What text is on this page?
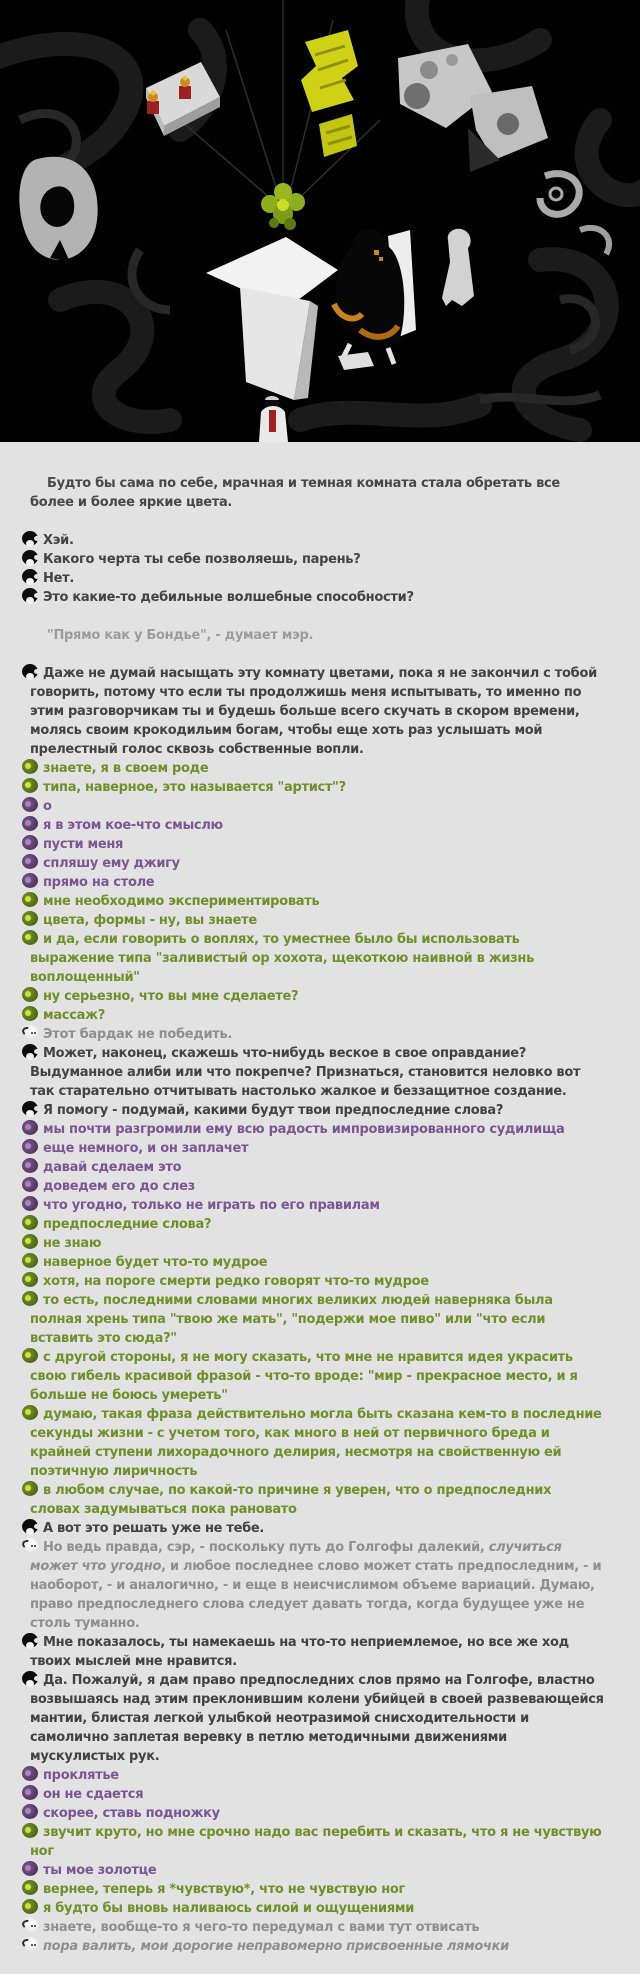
Будто бы сама по себе, мрачная и темная комната стала обретать все более и более яркие цвета.

Хэй.

Какого черта ты себе позволяешь, парень?

Нет.

Это какие-то дебильные волшебные способности?

"Прямо как у Бондье", - думает мэр.

Даже не думай насыщать эту комнату цветами, пока я не закончил с тобой говорить, потому что если ты продолжишь меня испытывать, то именно по этим разговорчикам ты и будешь больше всего скучать в скором времени, молясь своим крокодильим богам, чтобы еще хоть раз услышать мой прелестный голос сквозь собственные вопли.

знаете, я в своем роде

типа, наверное, это называется "артист"?

о

я в этом кое-что смыслю

пусти меня

спляшу ему джигу

прямо на столе

мне необходимо экспериментировать

цвета, формы - ну, вы знаете

и да, если говорить о воплях, то уместнее было бы использовать выражение типа "заливистый ор хохота, щекоткою наивной в жизнь воплощенный"

ну серьезно, что вы мне сделаете?

массаж?

Этот бардак не победить.

Может, наконец, скажешь что-нибудь веское в свое оправдание? Выдуманное алиби или что покрепче? Признаться, становится неловко вот так старательно отчитывать настолько жалкое и беззащитное создание.

Я помогу - подумай, какими будут твои предпоследние слова?

мы почти разгромили ему всю радость импровизированного судилища

еще немного, и он заплачет

давай сделаем это

доведем его до слез

что угодно, только не играть по его правилам

предпоследние слова?

не знаю

наверное будет что-то мудрое

хотя, на пороге смерти редко говорят что-то мудрое

то есть, последними словами многих великих людей наверняка была полная хрень типа "твою же мать", "подержи мое пиво" или "что если вставить это сюда?"

с другой стороны, я не могу сказать, что мне не нравится идея украсить свою гибель красивой фразой - что-то вроде: "мир - прекрасное место, и я больше не боюсь умереть"

думаю, такая фраза действительно могла быть сказана кем-то в последние секунды жизни - с учетом того, как много в ней от первичного бреда и крайней ступени лихорадочного делирия, несмотря на свойственную ей поэтичную лиричность

в любом случае, по какой-то причине я уверен, что о предпоследних словах задумываться пока рановато

А вот это решать уже не тебе.

Но ведь правда, сэр, - поскольку путь до Голгофы далекий, случиться может что угодно, и любое последнее слово может стать предпоследним, - и наоборот, - и аналогично, - и еще в неисчислимом объеме вариаций. Думаю, право предпоследнего слова следует давать тогда, когда будущее уже не столь туманно.

Мне показалось, ты намекаешь на что-то неприемлемое, но все же ход твоих мыслей мне нравится.

Да. Пожалуй, я дам право предпоследних слов прямо на Голгофе, властно возвышаясь над этим преклонившим колени убийцей в своей развевающейся мантии, блистая легкой улыбкой неотразимой снисходительности и самолично заплетая веревку в петлю методичными движениями мускулистых рук.

проклятье

он не сдается

скорее, ставь подножку

звучит круто, но мне срочно надо вас перебить и сказать, что я не чувствую ног

ты мое золотце

вернее, теперь я *чувствую*, что не чувствую ног

я будто бы вновь наливаюсь силой и ощущениями

знаете, вообще-то я чего-то передумал с вами тут отвисать

пора валить, мои дорогие неправомерно присвоенные лямочки
